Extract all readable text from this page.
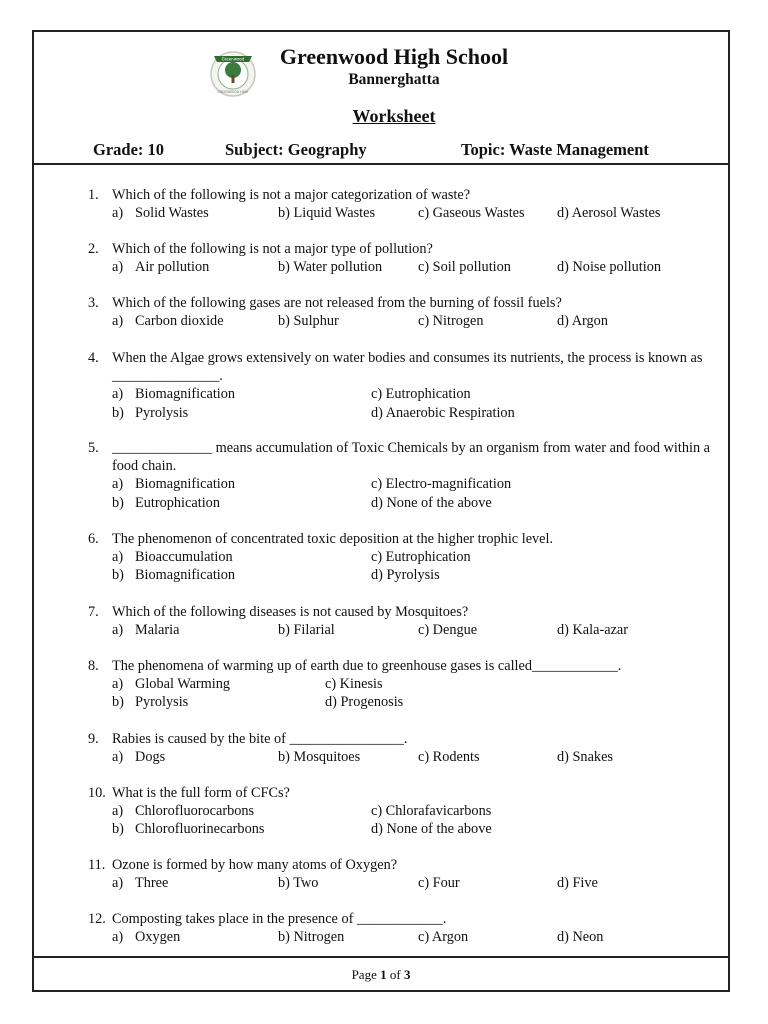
Greenwood
GREENWOOD HIGH
Greenwood High School
Bannerghatta
Worksheet
Grade: 10	Subject: Geography	Topic: Waste Management
1. Which of the following is not a major categorization of waste?
a) Solid Wastes	b) Liquid Wastes	c) Gaseous Wastes d) Aerosol Wastes
2. Which of the following is not a major type of pollution?
a) Air pollution	b) Water pollution	c) Soil pollution	d) Noise pollution
3. Which of the following gases are not released from the burning of fossil fuels?
a) Carbon dioxide	b) Sulphur	c) Nitrogen	d) Argon
4. When the Algae grows extensively on water bodies and consumes its nutrients, the process is known as _______________.
a) Biomagnification	c) Eutrophication
b) Pyrolysis	d) Anaerobic Respiration
5. ______________ means accumulation of Toxic Chemicals by an organism from water and food within a food chain.
a) Biomagnification	c) Electro-magnification
b) Eutrophication	d) None of the above
6. The phenomenon of concentrated toxic deposition at the higher trophic level.
a) Bioaccumulation	c) Eutrophication
b) Biomagnification	d) Pyrolysis
7. Which of the following diseases is not caused by Mosquitoes?
a) Malaria	b) Filarial	c) Dengue	d) Kala-azar
8. The phenomena of warming up of earth due to greenhouse gases is called____________.
a) Global Warming	c) Kinesis
b) Pyrolysis	d) Progenosis
9. Rabies is caused by the bite of ________________.
a) Dogs	b) Mosquitoes	c) Rodents	d) Snakes
10. What is the full form of CFCs?
a) Chlorofluorocarbons	c) Chlorafavicarbons
b) Chlorofluorinecarbons	d) None of the above
11. Ozone is formed by how many atoms of Oxygen?
a) Three	b) Two	c) Four	d) Five
12. Composting takes place in the presence of ____________.
a) Oxygen	b) Nitrogen	c) Argon	d) Neon
Page 1 of 3
